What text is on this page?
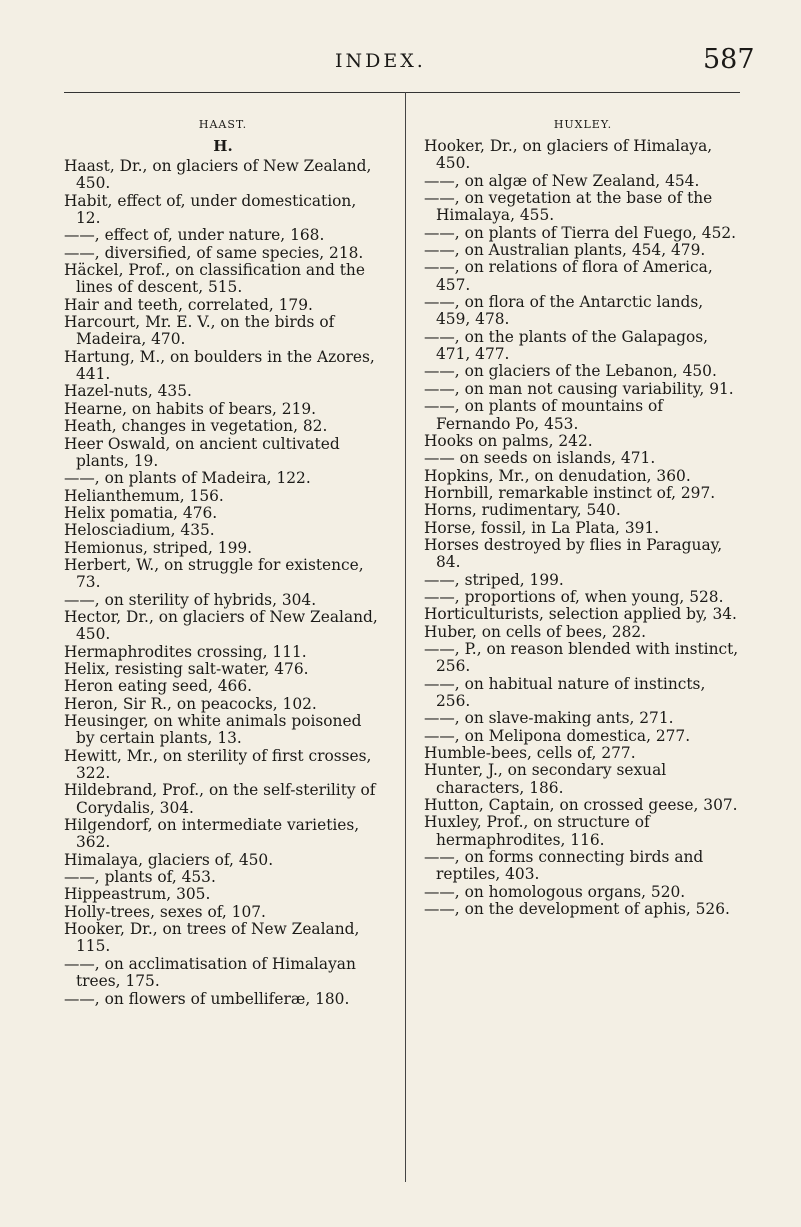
INDEX.	587
HAAST.
H.

Haast, Dr., on glaciers of New Zealand, 450.

Habit, effect of, under domestication, 12.

——, effect of, under nature, 168.

——, diversified, of same species, 218.

Häckel, Prof., on classification and the lines of descent, 515.

Hair and teeth, correlated, 179.

Harcourt, Mr. E. V., on the birds of Madeira, 470.

Hartung, M., on boulders in the Azores, 441.

Hazel-nuts, 435.

Hearne, on habits of bears, 219.

Heath, changes in vegetation, 82.

Heer Oswald, on ancient cultivated plants, 19.

——, on plants of Madeira, 122.

Helianthemum, 156.

Helix pomatia, 476.

Helosciadium, 435.

Hemionus, striped, 199.

Herbert, W., on struggle for existence, 73.

——, on sterility of hybrids, 304.

Hector, Dr., on glaciers of New Zealand, 450.

Hermaphrodites crossing, 111.

Helix, resisting salt-water, 476.

Heron eating seed, 466.

Heron, Sir R., on peacocks, 102.

Heusinger, on white animals poisoned by certain plants, 13.

Hewitt, Mr., on sterility of first crosses, 322.

Hildebrand, Prof., on the self-sterility of Corydalis, 304.

Hilgendorf, on intermediate varieties, 362.

Himalaya, glaciers of, 450.

——, plants of, 453.

Hippeastrum, 305.

Holly-trees, sexes of, 107.

Hooker, Dr., on trees of New Zealand, 115.

——, on acclimatisation of Himalayan trees, 175.

——, on flowers of umbelliferæ, 180.

HUXLEY.

Hooker, Dr., on glaciers of Himalaya, 450.

——, on algæ of New Zealand, 454.

——, on vegetation at the base of the Himalaya, 455.

——, on plants of Tierra del Fuego, 452.

——, on Australian plants, 454, 479.

——, on relations of flora of America, 457.

——, on flora of the Antarctic lands, 459, 478.

——, on the plants of the Galapagos, 471, 477.

——, on glaciers of the Lebanon, 450.

——, on man not causing variability, 91.

——, on plants of mountains of Fernando Po, 453.

Hooks on palms, 242.

—— on seeds on islands, 471.

Hopkins, Mr., on denudation, 360.

Hornbill, remarkable instinct of, 297.

Horns, rudimentary, 540.

Horse, fossil, in La Plata, 391.

Horses destroyed by flies in Paraguay, 84.

——, striped, 199.

——, proportions of, when young, 528.

Horticulturists, selection applied by, 34.

Huber, on cells of bees, 282.

——, P., on reason blended with instinct, 256.

——, on habitual nature of instincts, 256.

——, on slave-making ants, 271.

——, on Melipona domestica, 277.

Humble-bees, cells of, 277.

Hunter, J., on secondary sexual characters, 186.

Hutton, Captain, on crossed geese, 307.

Huxley, Prof., on structure of hermaphrodites, 116.

——, on forms connecting birds and reptiles, 403.

——, on homologous organs, 520.

——, on the development of aphis, 526.
